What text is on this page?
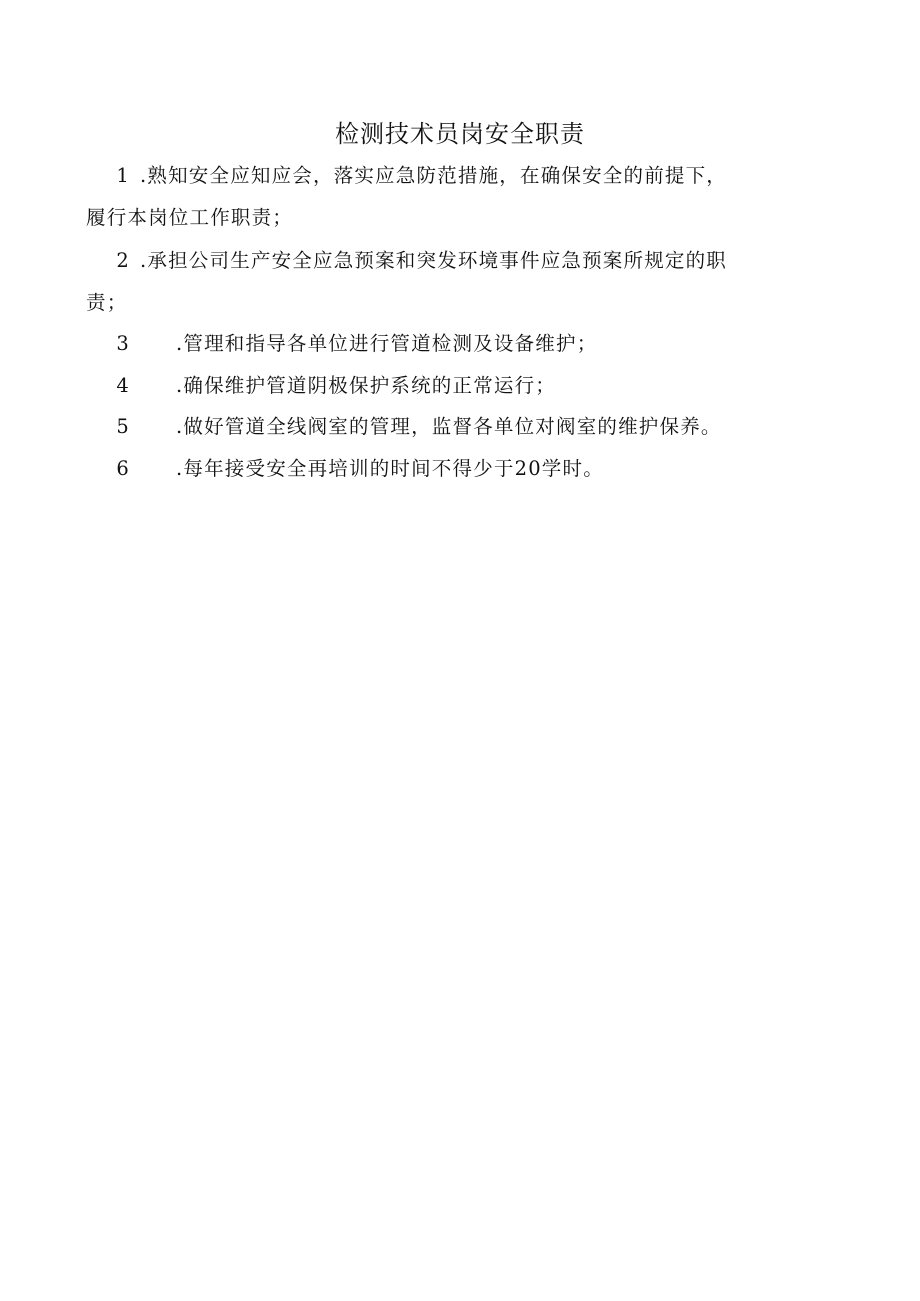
检测技术员岗安全职责
1 .熟知安全应知应会，落实应急防范措施，在确保安全的前提下，
履行本岗位工作职责；
2 .承担公司生产安全应急预案和突发环境事件应急预案所规定的职
责；
3 .管理和指导各单位进行管道检测及设备维护；
4 .确保维护管道阴极保护系统的正常运行；
5 .做好管道全线阀室的管理，监督各单位对阀室的维护保养。
6 .每年接受安全再培训的时间不得少于20学时。
